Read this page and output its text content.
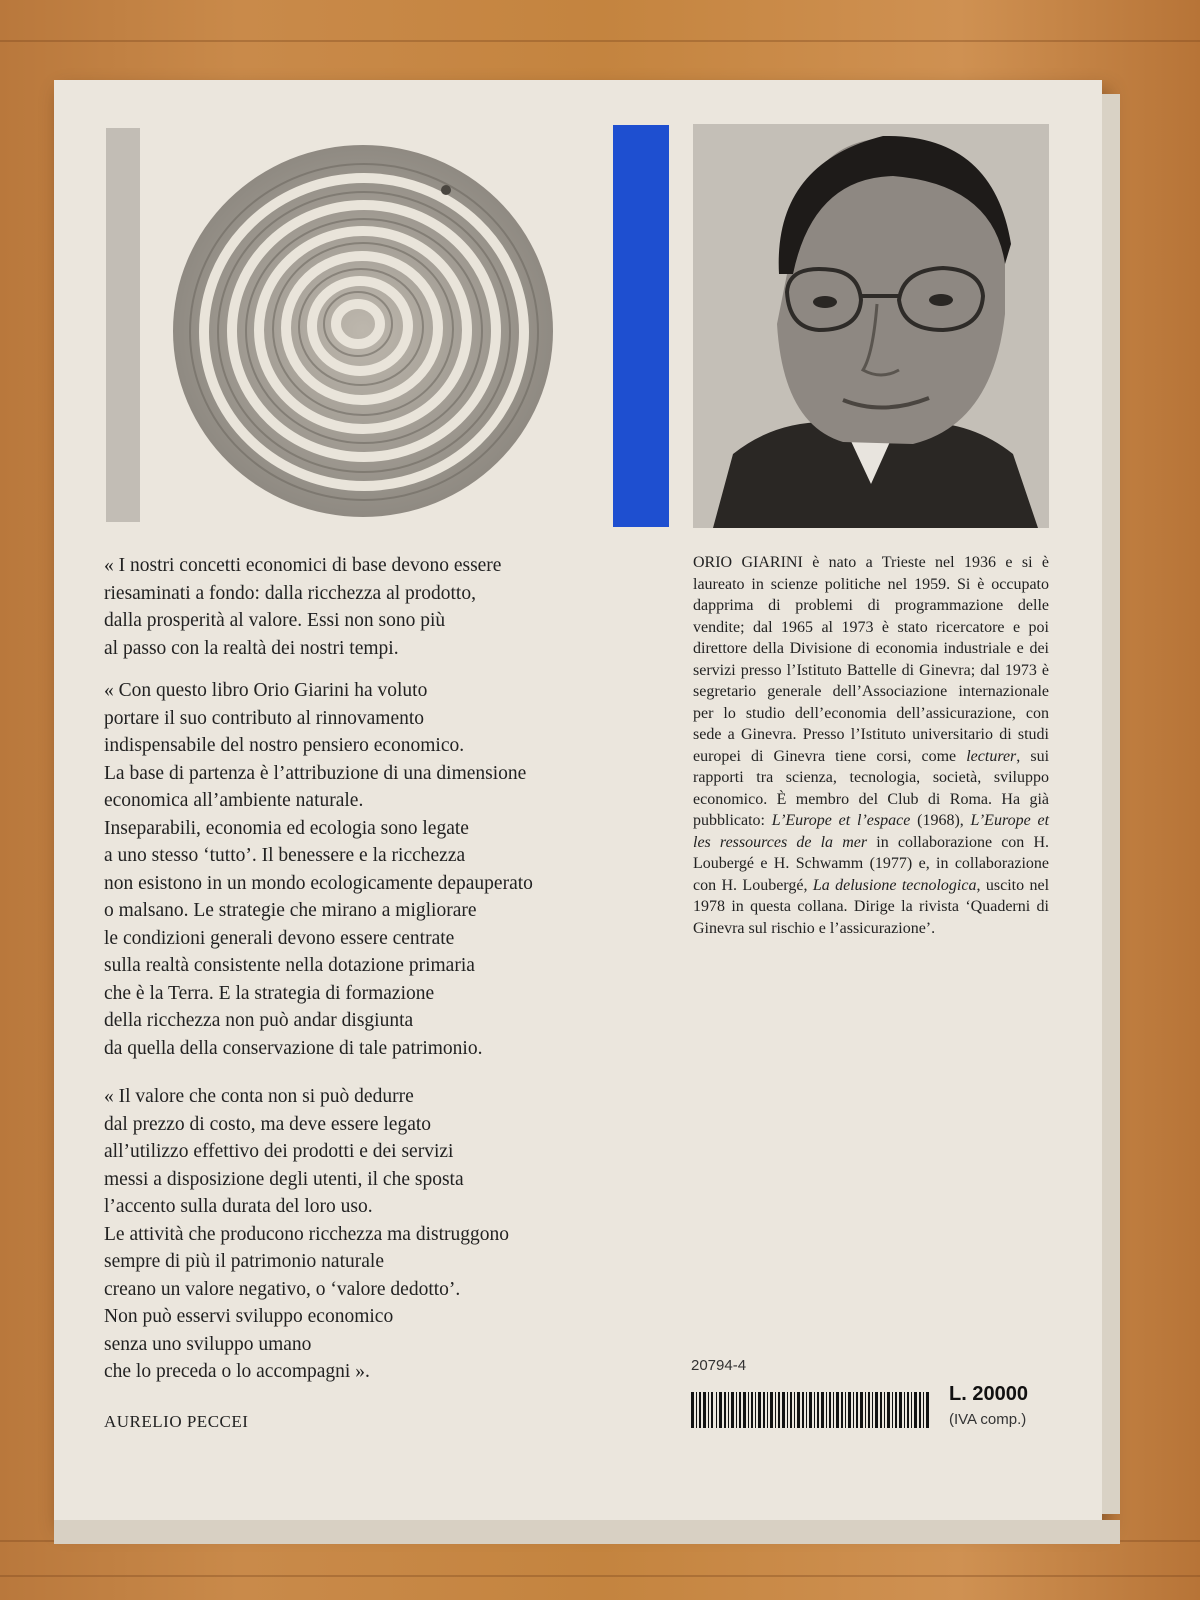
« I nostri concetti economici di base devono essere
riesaminati a fondo: dalla ricchezza al prodotto,
dalla prosperità al valore. Essi non sono più
al passo con la realtà dei nostri tempi.

« Con questo libro Orio Giarini ha voluto
portare il suo contributo al rinnovamento
indispensabile del nostro pensiero economico.
La base di partenza è l’attribuzione di una dimensione
economica all’ambiente naturale.
Inseparabili, economia ed ecologia sono legate
a uno stesso ‘tutto’. Il benessere e la ricchezza
non esistono in un mondo ecologicamente depauperato
o malsano. Le strategie che mirano a migliorare
le condizioni generali devono essere centrate
sulla realtà consistente nella dotazione primaria
che è la Terra. E la strategia di formazione
della ricchezza non può andar disgiunta
da quella della conservazione di tale patrimonio.

« Il valore che conta non si può dedurre
dal prezzo di costo, ma deve essere legato
all’utilizzo effettivo dei prodotti e dei servizi
messi a disposizione degli utenti, il che sposta
l’accento sulla durata del loro uso.
Le attività che producono ricchezza ma distruggono
sempre di più il patrimonio naturale
creano un valore negativo, o ‘valore dedotto’.
Non può esservi sviluppo economico
senza uno sviluppo umano
che lo preceda o lo accompagni ».

AURELIO PECCEI

ORIO GIARINI è nato a Trieste nel 1936 e si è laureato in scienze politiche nel 1959. Si è occupato dapprima di problemi di programmazione delle vendite; dal 1965 al 1973 è stato ricercatore e poi direttore della Divisione di economia industriale e dei servizi presso l’Istituto Battelle di Ginevra; dal 1973 è segretario generale dell’Associazione internazionale per lo studio dell’economia dell’assicurazione, con sede a Ginevra. Presso l’Istituto universitario di studi europei di Ginevra tiene corsi, come lecturer, sui rapporti tra scienza, tecnologia, società, sviluppo economico. È membro del Club di Roma. Ha già pubblicato: L’Europe et l’espace (1968), L’Europe et les ressources de la mer in collaborazione con H. Loubergé e H. Schwamm (1977) e, in collaborazione con H. Loubergé, La delusione tecnologica, uscito nel 1978 in questa collana. Dirige la rivista ‘Quaderni di Ginevra sul rischio e l’assicurazione’.

20794-4
L. 20000
(IVA comp.)
